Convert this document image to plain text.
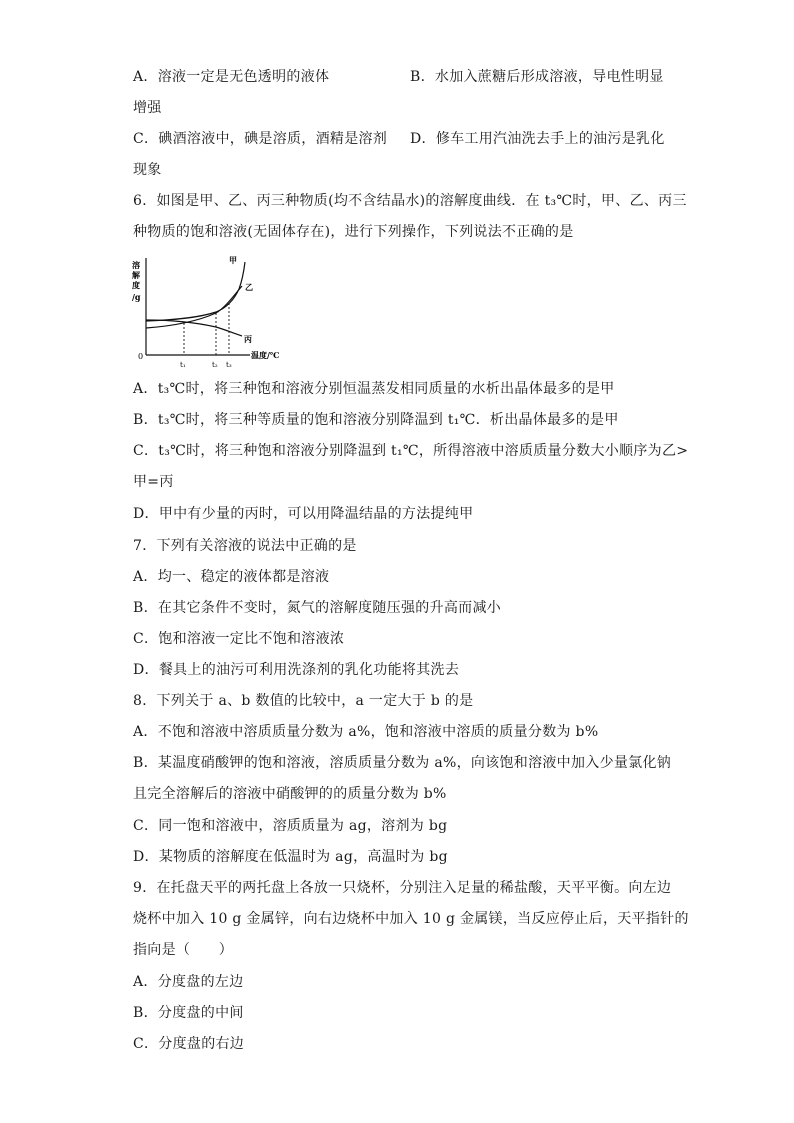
A．溶液一定是无色透明的液体	B．水加入蔗糖后形成溶液，导电性明显
增强
C．碘酒溶液中，碘是溶质，酒精是溶剂 D．修车工用汽油洗去手上的油污是乳化
现象
6．如图是甲、乙、丙三种物质(均不含结晶水)的溶解度曲线．在 t₃℃时，甲、乙、丙三
种物质的饱和溶液(无固体存在)，进行下列操作，下列说法不正确的是
溶
解
度
/g
0	温度/℃
甲
乙
丙
t₁	t₂ t₃
A．t₃℃时，将三种饱和溶液分别恒温蒸发相同质量的水析出晶体最多的是甲
B．t₃℃时，将三种等质量的饱和溶液分别降温到 t₁℃．析出晶体最多的是甲
C．t₃℃时，将三种饱和溶液分别降温到 t₁℃，所得溶液中溶质质量分数大小顺序为乙>
甲=丙
D．甲中有少量的丙时，可以用降温结晶的方法提纯甲
7．下列有关溶液的说法中正确的是
A．均一、稳定的液体都是溶液
B．在其它条件不变时，氮气的溶解度随压强的升高而减小
C．饱和溶液一定比不饱和溶液浓
D．餐具上的油污可利用洗涤剂的乳化功能将其洗去
8．下列关于 a、b 数值的比较中，a 一定大于 b 的是
A．不饱和溶液中溶质质量分数为 a%，饱和溶液中溶质的质量分数为 b%
B．某温度硝酸钾的饱和溶液，溶质质量分数为 a%，向该饱和溶液中加入少量氯化钠
且完全溶解后的溶液中硝酸钾的的质量分数为 b%
C．同一饱和溶液中，溶质质量为 ag，溶剂为 bg
D．某物质的溶解度在低温时为 ag，高温时为 bg
9．在托盘天平的两托盘上各放一只烧杯，分别注入足量的稀盐酸，天平平衡。向左边
烧杯中加入 10 g 金属锌，向右边烧杯中加入 10 g 金属镁，当反应停止后，天平指针的
指向是（　　）
A．分度盘的左边
B．分度盘的中间
C．分度盘的右边
